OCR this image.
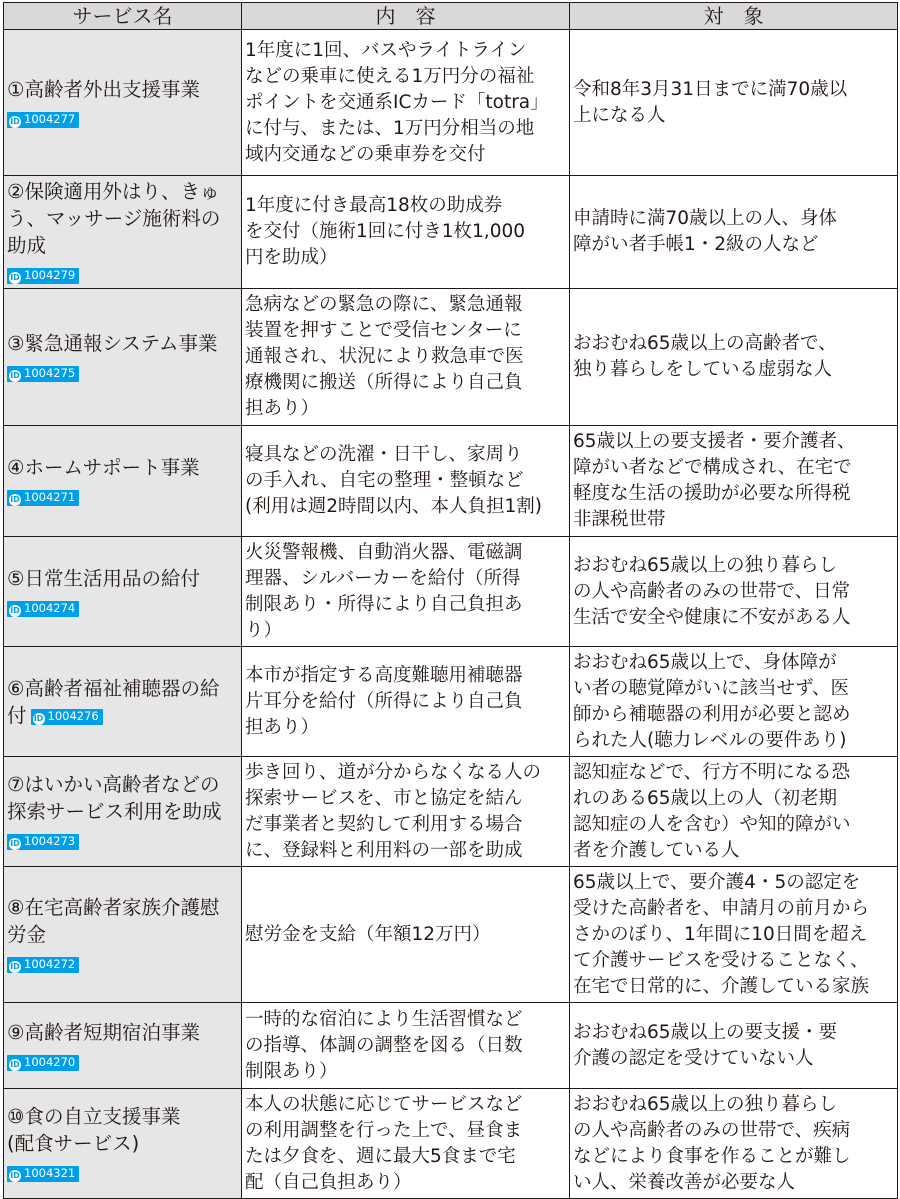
サービス名	内　容	対　象

①高齢者外出支援事業
ID 1004277	1年度に1回、バスやライトライン
などの乗車に使える1万円分の福祉
ポイントを交通系ICカード「totra」
に付与、または、1万円分相当の地
域内交通などの乗車券を交付	令和8年3月31日までに満70歳以
上になる人

②保険適用外はり、きゅう、マッサージ施術料の助成
ID 1004279	1年度に付き最高18枚の助成券
を交付（施術1回に付き1枚1,000
円を助成）	申請時に満70歳以上の人、身体
障がい者手帳1・2級の人など

③緊急通報システム事業
ID 1004275	急病などの緊急の際に、緊急通報
装置を押すことで受信センターに
通報され、状況により救急車で医
療機関に搬送（所得により自己負
担あり）	おおむね65歳以上の高齢者で、
独り暮らしをしている虚弱な人

④ホームサポート事業
ID 1004271	寝具などの洗濯・日干し、家周り
の手入れ、自宅の整理・整頓など
(利用は週2時間以内、本人負担1割)	65歳以上の要支援者・要介護者、
障がい者などで構成され、在宅で
軽度な生活の援助が必要な所得税
非課税世帯

⑤日常生活用品の給付
ID 1004274	火災警報機、自動消火器、電磁調
理器、シルバーカーを給付（所得
制限あり・所得により自己負担あ
り）	おおむね65歳以上の独り暮らし
の人や高齢者のみの世帯で、日常
生活で安全や健康に不安がある人
⑥高齢者福祉補聴器の給付 ID 1004276	本市が指定する高度難聴用補聴器
片耳分を給付（所得により自己負
担あり）	おおむね65歳以上で、身体障が
い者の聴覚障がいに該当せず、医
師から補聴器の利用が必要と認め
られた人(聴力レベルの要件あり)

⑦はいかい高齢者などの探索サービス利用を助成
ID 1004273	歩き回り、道が分からなくなる人の
探索サービスを、市と協定を結ん
だ事業者と契約して利用する場合
に、登録料と利用料の一部を助成	認知症などで、行方不明になる恐
れのある65歳以上の人（初老期
認知症の人を含む）や知的障がい
者を介護している人

⑧在宅高齢者家族介護慰労金
ID 1004272	慰労金を支給（年額12万円）	65歳以上で、要介護4・5の認定を
受けた高齢者を、申請月の前月から
さかのぼり、1年間に10日間を超え
て介護サービスを受けることなく、
在宅で日常的に、介護している家族

⑨高齢者短期宿泊事業
ID 1004270	一時的な宿泊により生活習慣など
の指導、体調の調整を図る（日数
制限あり）	おおむね65歳以上の要支援・要
介護の認定を受けていない人

⑩食の自立支援事業
(配食サービス)
ID 1004321	本人の状態に応じてサービスなど
の利用調整を行った上で、昼食ま
たは夕食を、週に最大5食まで宅
配（自己負担あり）	おおむね65歳以上の独り暮らし
の人や高齢者のみの世帯で、疾病
などにより食事を作ることが難し
い人、栄養改善が必要な人
